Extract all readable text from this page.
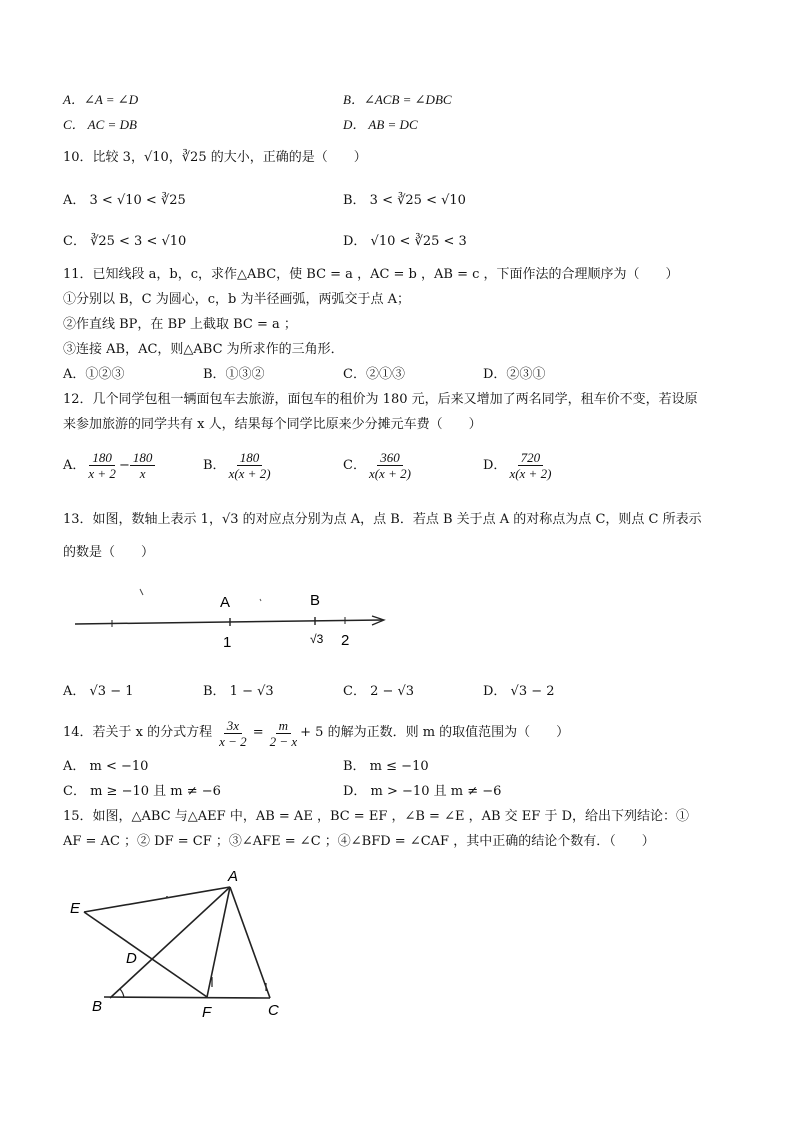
A．∠A = ∠D	B．∠ACB = ∠DBC
C． AC = DB	D． AB = DC
10．比较 3，√10，∛25 的大小，正确的是（　　）
A． 3 < √10 < ∛25	B． 3 < ∛25 < √10
C． ∛25 < 3 < √10	D． √10 < ∛25 < 3
11．已知线段 a，b，c，求作△ABC，使 BC = a ，AC = b ，AB = c ，下面作法的合理顺序为（　　）
①分别以 B，C 为圆心，c，b 为半径画弧，两弧交于点 A；
②作直线 BP，在 BP 上截取 BC = a ；
③连接 AB，AC，则△ABC 为所求作的三角形．
A．①②③	B．①③②	C．②①③	D．②③①
12．几个同学包租一辆面包车去旅游，面包车的租价为 180 元，后来又增加了两名同学，租车价不变，若设原
来参加旅游的同学共有 x 人，结果每个同学比原来少分摊元车费（　　）
A． $\frac{180}{x + 2} - \frac{180}{x}$	B． $\frac{180}{x(x + 2)}$	C． $\frac{360}{x(x + 2)}$	D． $\frac{720}{x(x + 2)}$
13．如图，数轴上表示 1，√3 的对应点分别为点 A，点 B．若点 B 关于点 A 的对称点为点 C，则点 C 所表示
的数是（　　）
A	B
1	√3 2
A． √3 − 1	B． 1 − √3	C． 2 − √3	D． √3 − 2
14．若关于 x 的分式方程 $\frac{3x}{x - 2} = \frac{m}{2 - x} + 5$ 的解为正数．则 m 的取值范围为（　　）
A． m < −10	B． m ≤ −10
C． m ≥ −10 且 m ≠ −6	D． m > −10 且 m ≠ −6
15．如图，△ABC 与△AEF 中，AB = AE ，BC = EF ，∠B = ∠E ，AB 交 EF 于 D，给出下列结论：①
AF = AC ；② DF = CF ；③∠AFE = ∠C ；④∠BFD = ∠CAF ，其中正确的结论个数有．（　　）
A
E
D
B	F	C
